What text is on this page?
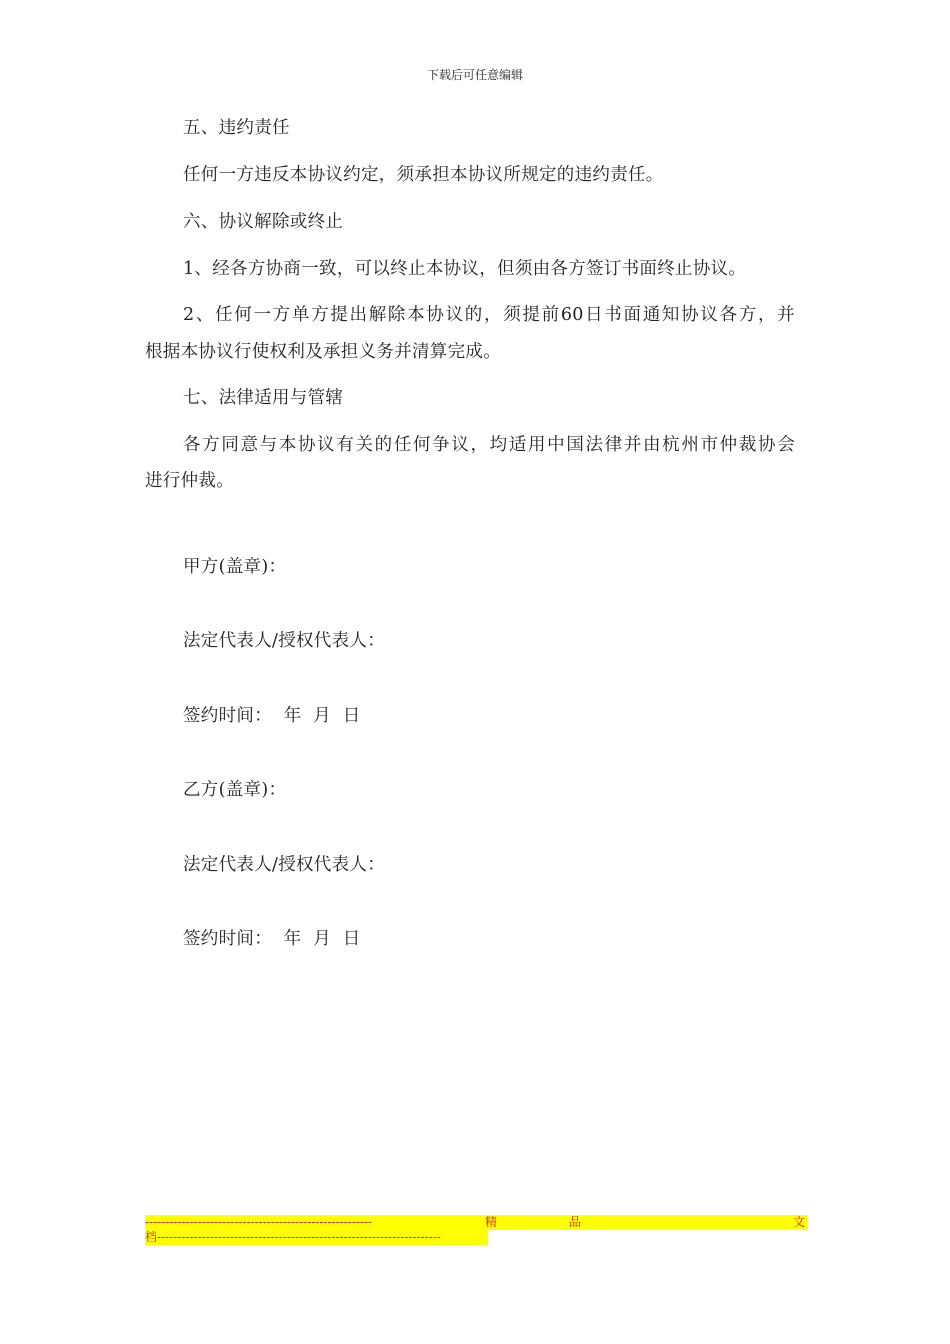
下载后可任意编辑
五、违约责任
任何一方违反本协议约定，须承担本协议所规定的违约责任。
六、协议解除或终止
1、经各方协商一致，可以终止本协议，但须由各方签订书面终止协议。
2、任何一方单方提出解除本协议的，须提前60日书面通知协议各方，并
根据本协议行使权利及承担义务并清算完成。
七、法律适用与管辖
各方同意与本协议有关的任何争议，均适用中国法律并由杭州市仲裁协会
进行仲裁。
甲方(盖章)：
法定代表人/授权代表人：
签约时间：  年  月  日
乙方(盖章)：
法定代表人/授权代表人：
签约时间：  年  月  日
--------------------------------------------------------	精	品	文
档----------------------------------------------------------------------
